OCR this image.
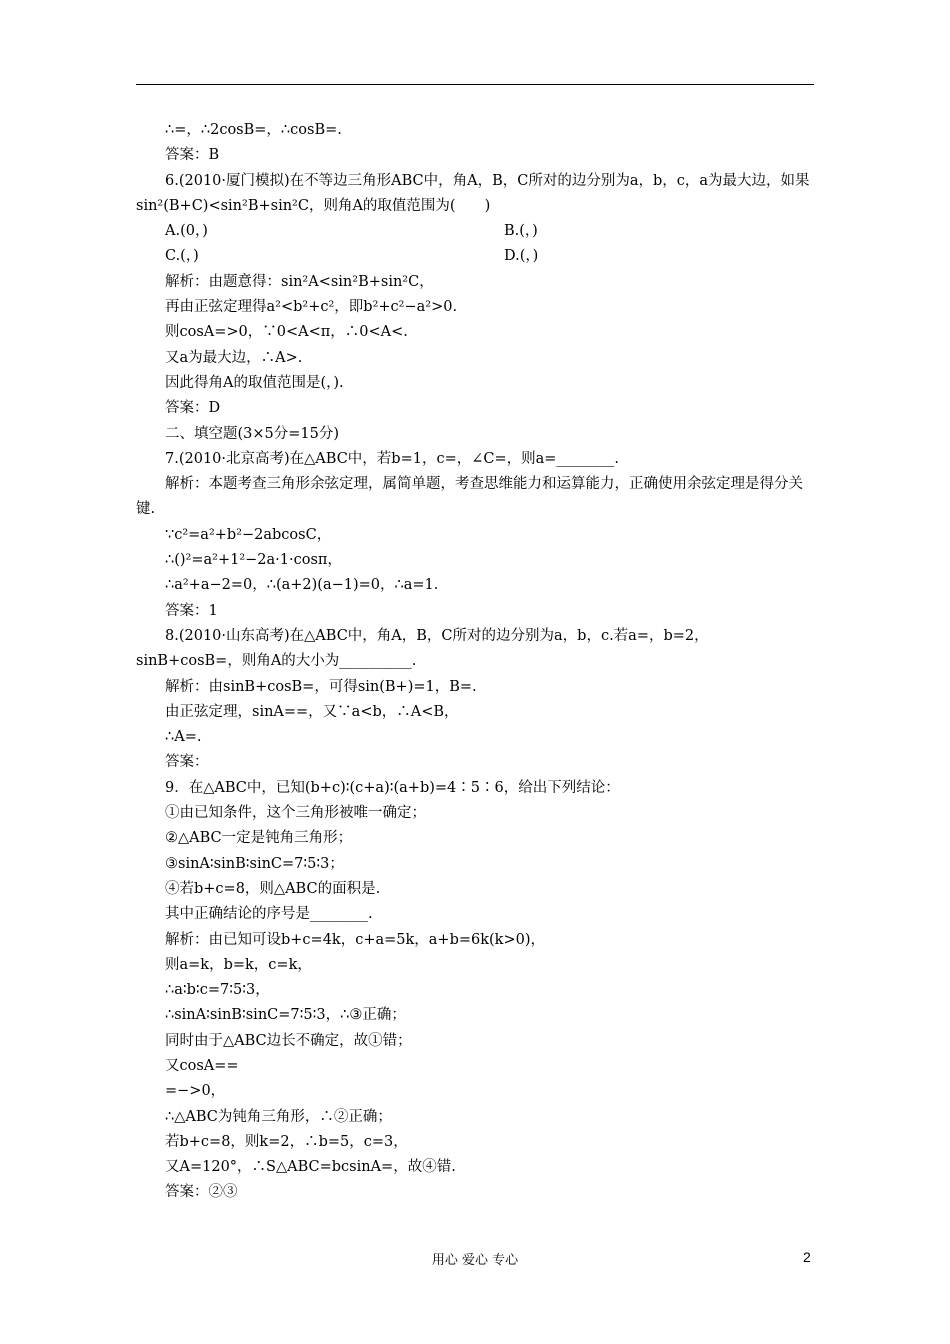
∴=，∴2cosB=，∴cosB=.
答案：B
6.(2010·厦门模拟)在不等边三角形ABC中，角A，B，C所对的边分别为a，b，c，a为最大边，如果sin²(B+C)<sin²B+sin²C，则角A的取值范围为(　　)
A.(0，)	B.(，)
C.(，)	D.(，)
解析：由题意得：sin²A<sin²B+sin²C，
再由正弦定理得a²<b²+c²，即b²+c²−a²>0.
则cosA=>0，∵0<A<π，∴0<A<.
又a为最大边，∴A>.
因此得角A的取值范围是(，).
答案：D
二、填空题(3×5分=15分)
7.(2010·北京高考)在△ABC中，若b=1，c=，∠C=，则a=________.
解析：本题考查三角形余弦定理，属简单题，考查思维能力和运算能力，正确使用余弦定理是得分关键.
∵c²=a²+b²−2abcosC，
∴()²=a²+1²−2a·1·cosπ，
∴a²+a−2=0，∴(a+2)(a−1)=0，∴a=1.
答案：1
8.(2010·山东高考)在△ABC中，角A，B，C所对的边分别为a，b，c.若a=，b=2，sinB+cosB=，则角A的大小为__________.
解析：由sinB+cosB=，可得sin(B+)=1，B=.
由正弦定理，sinA==，又∵a<b，∴A<B，
∴A=.
答案：
9．在△ABC中，已知(b+c)∶(c+a)∶(a+b)=4∶5∶6，给出下列结论：
①由已知条件，这个三角形被唯一确定；
②△ABC一定是钝角三角形；
③sinA∶sinB∶sinC=7∶5∶3；
④若b+c=8，则△ABC的面积是.
其中正确结论的序号是________.
解析：由已知可设b+c=4k，c+a=5k，a+b=6k(k>0)，
则a=k，b=k，c=k，
∴a∶b∶c=7∶5∶3，
∴sinA∶sinB∶sinC=7∶5∶3，∴③正确；
同时由于△ABC边长不确定，故①错；
又cosA==
=−>0，
∴△ABC为钝角三角形，∴②正确；
若b+c=8，则k=2，∴b=5，c=3，
又A=120°，∴S△ABC=bcsinA=，故④错.
答案：②③
用心 爱心 专心	2
